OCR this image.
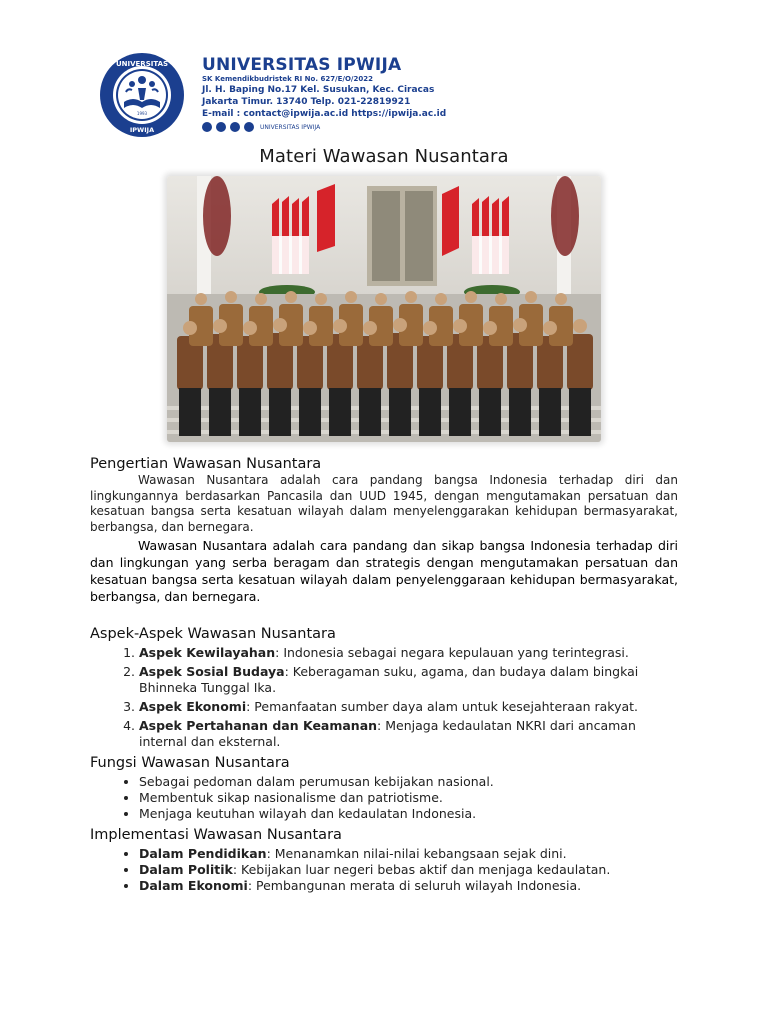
UNIVERSITAS
IPWIJA
1993
UNIVERSITAS IPWIJA
SK Kemendikbudristek RI No. 627/E/O/2022
Jl. H. Baping No.17 Kel. Susukan, Kec. Ciracas
Jakarta Timur. 13740 Telp. 021-22819921
E-mail : contact@ipwija.ac.id https://ipwija.ac.id
UNIVERSITAS IPWIJA
Materi Wawasan Nusantara
Pengertian Wawasan Nusantara

Wawasan Nusantara adalah cara pandang bangsa Indonesia terhadap diri dan lingkungannya berdasarkan Pancasila dan UUD 1945, dengan mengutamakan persatuan dan kesatuan bangsa serta kesatuan wilayah dalam menyelenggarakan kehidupan bermasyarakat, berbangsa, dan bernegara.

Wawasan Nusantara adalah cara pandang dan sikap bangsa Indonesia terhadap diri dan lingkungan yang serba beragam dan strategis dengan mengutamakan persatuan dan kesatuan bangsa serta kesatuan wilayah dalam penyelenggaraan kehidupan bermasyarakat, berbangsa, dan bernegara.

Aspek-Aspek Wawasan Nusantara
1. Aspek Kewilayahan: Indonesia sebagai negara kepulauan yang terintegrasi.
2. Aspek Sosial Budaya: Keberagaman suku, agama, dan budaya dalam bingkai Bhinneka Tunggal Ika.
3. Aspek Ekonomi: Pemanfaatan sumber daya alam untuk kesejahteraan rakyat.
4. Aspek Pertahanan dan Keamanan: Menjaga kedaulatan NKRI dari ancaman internal dan eksternal.
Fungsi Wawasan Nusantara
• Sebagai pedoman dalam perumusan kebijakan nasional.
• Membentuk sikap nasionalisme dan patriotisme.
• Menjaga keutuhan wilayah dan kedaulatan Indonesia.
Implementasi Wawasan Nusantara
• Dalam Pendidikan: Menanamkan nilai-nilai kebangsaan sejak dini.
• Dalam Politik: Kebijakan luar negeri bebas aktif dan menjaga kedaulatan.
• Dalam Ekonomi: Pembangunan merata di seluruh wilayah Indonesia.
